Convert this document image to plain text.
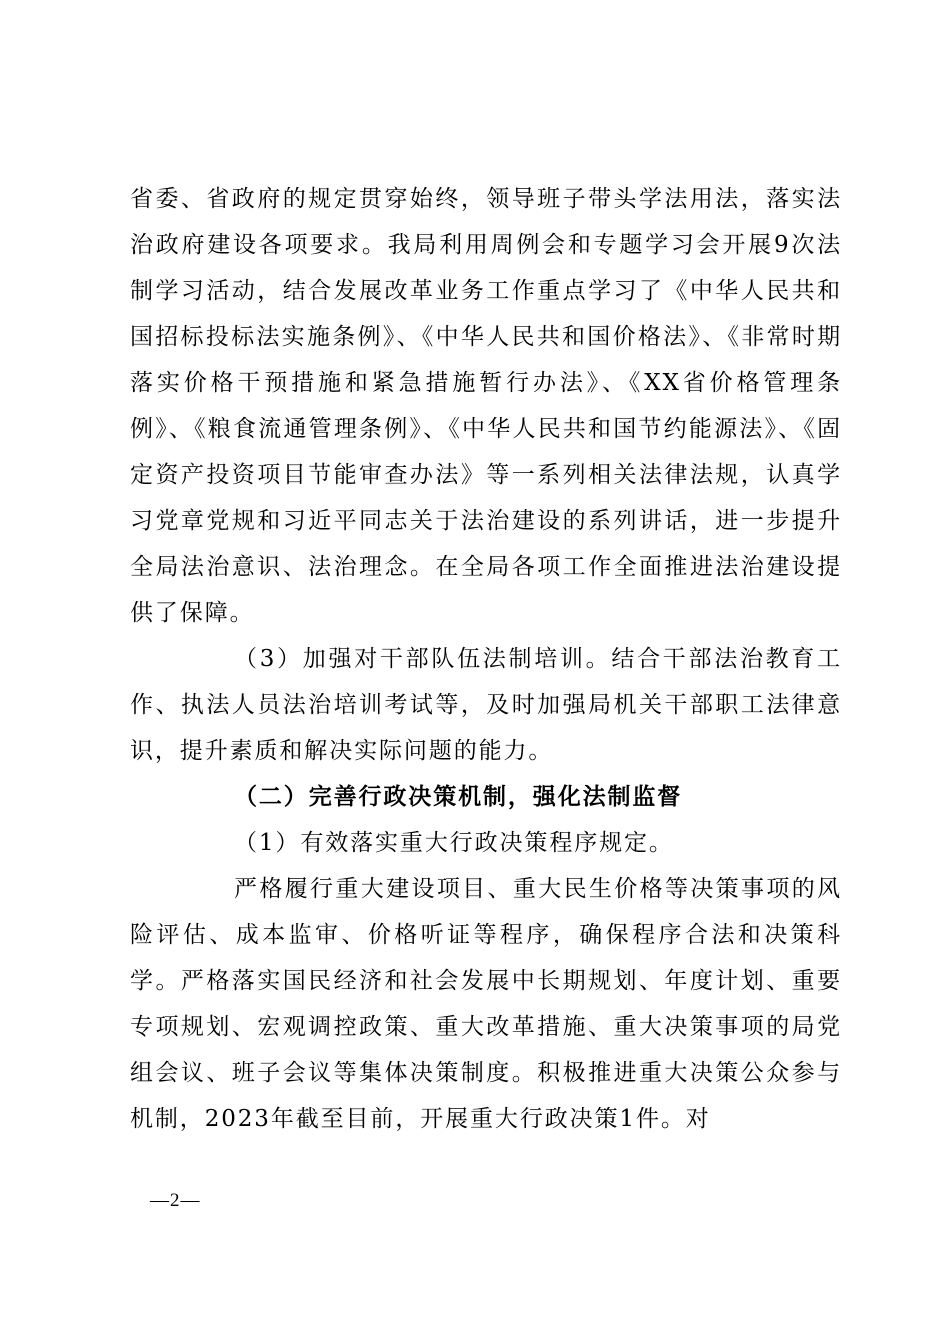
省委、省政府的规定贯穿始终，领导班子带头学法用法，落实法治政府建设各项要求。我局利用周例会和专题学习会开展9次法制学习活动，结合发展改革业务工作重点学习了《中华人民共和国招标投标法实施条例》、《中华人民共和国价格法》、《非常时期落实价格干预措施和紧急措施暂行办法》、《XX省价格管理条例》、《粮食流通管理条例》、《中华人民共和国节约能源法》、《固定资产投资项目节能审查办法》等一系列相关法律法规，认真学习党章党规和习近平同志关于法治建设的系列讲话，进一步提升全局法治意识、法治理念。在全局各项工作全面推进法治建设提供了保障。

（3）加强对干部队伍法制培训。结合干部法治教育工作、执法人员法治培训考试等，及时加强局机关干部职工法律意识，提升素质和解决实际问题的能力。

（二）完善行政决策机制，强化法制监督

（1）有效落实重大行政决策程序规定。

严格履行重大建设项目、重大民生价格等决策事项的风险评估、成本监审、价格听证等程序，确保程序合法和决策科学。严格落实国民经济和社会发展中长期规划、年度计划、重要专项规划、宏观调控政策、重大改革措施、重大决策事项的局党组会议、班子会议等集体决策制度。积极推进重大决策公众参与机制，2023年截至目前，开展重大行政决策1件。对

—2—
